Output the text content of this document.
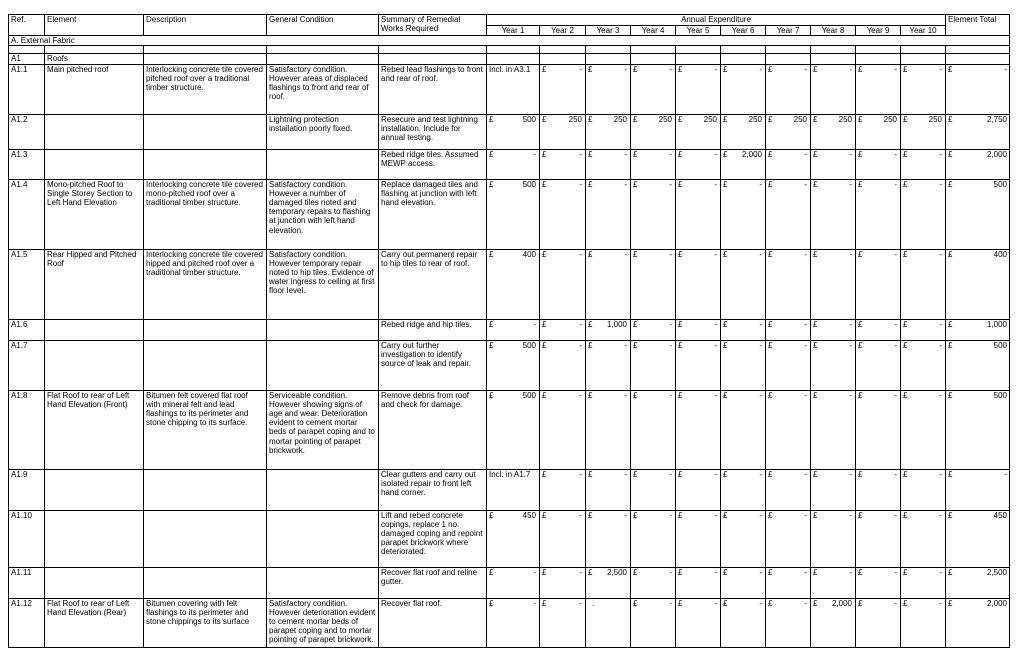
Ref.	Element	Description	General Condition	Summary of Remedial Works Required	Annual Expenditure										Element Total
					Year 1	Year 2	Year 3	Year 4	Year 5	Year 6	Year 7	Year 8	Year 9	Year 10	
A. External Fabric															

A1	Roofs														
A1.1	Main pitched roof	Interlocking concrete tile covered pitched roof over a traditional timber structure.	Satisfactory condition. However areas of displaced flashings to front and rear of roof.	Rebed lead flashings to front and rear of roof.	Incl. in A3.1	£ -	£ -	£ -	£ -	£ -	£ -	£ -	£ -	£ -	£ -

A1.2			Lightning protection installation poorly fixed.	Resecure and test lightning installation. Include for annual testing.	£ 500	£ 250	£ 250	£ 250	£ 250	£ 250	£ 250	£ 250	£ 250	£ 250	£ 2,750

A1.3				Rebed ridge tiles. Assumed MEWP access.	£ -	£ -	£ -	£ -	£ -	£ 2,000	£ -	£ -	£ -	£ -	£ 2,000

A1.4	Mono-pitched Roof to Single Storey Section to Left Hand Elevation	Interlocking concrete tile covered mono-pitched roof over a traditional timber structure.	Satisfactory condition. However a number of damaged tiles noted and temporary repairs to flashing at junction with left hand elevation.	Replace damaged tiles and flashing at junction with left hand elevation.	£ 500	£ -	£ -	£ -	£ -	£ -	£ -	£ -	£ -	£ -	£ 500

A1.5	Rear Hipped and Pitched Roof	Interlocking concrete tile covered hipped and pitched roof over a traditional timber structure.	Satisfactory condition. However temporary repair noted to hip tiles. Evidence of water ingress to ceiling at first floor level.	Carry out permanent repair to hip tiles to rear of roof.	£ 400	£ -	£ -	£ -	£ -	£ -	£ -	£ -	£ -	£ -	£ 400

A1.6				Rebed ridge and hip tiles.	£ -	£ -	£ 1,000	£ -	£ -	£ -	£ -	£ -	£ -	£ -	£ 1,000

A1.7				Carry out further investigation to identify source of leak and repair.	£ 500	£ -	£ -	£ -	£ -	£ -	£ -	£ -	£ -	£ -	£ 500

A1.8	Flat Roof to rear of Left Hand Elevation (Front)	Bitumen felt covered flat roof with mineral felt and lead flashings to its perimeter and stone chipping to its surface.	Serviceable condition. However showing signs of age and wear. Deterioration evident to cement mortar beds of parapet coping and to mortar pointing of parapet brickwork.	Remove debris from roof and check for damage.	£ 500	£ -	£ -	£ -	£ -	£ -	£ -	£ -	£ -	£ -	£ 500

A1.9				Clear gutters and carry out isolated repair to front left hand corner.	Incl. in A1.7	£ -	£ -	£ -	£ -	£ -	£ -	£ -	£ -	£ -	£ -

A1.10				Lift and rebed concrete copings, replace 1 no. damaged coping and repoint parapet brickwork where deteriorated.	£ 450	£ -	£ -	£ -	£ -	£ -	£ -	£ -	£ -	£ -	£ 450

A1.11				Recover flat roof and reline gutter.	£ -	£ -	£ 2,500	£ -	£ -	£ -	£ -	£ -	£ -	£ -	£ 2,500

A1.12	Flat Roof to rear of Left Hand Elevation (Rear)	Bitumen covering with felt flashings to its perimeter and stone chippings to its surface	Satisfactory condition. However deterioration evident to cement mortar beds of parapet coping and to mortar pointing of parapet brickwork.	Recover flat roof.	£ -	£ -	.	£ -	£ -	£ -	£ -	£ 2,000	£ -	£ -	£ 2,000
